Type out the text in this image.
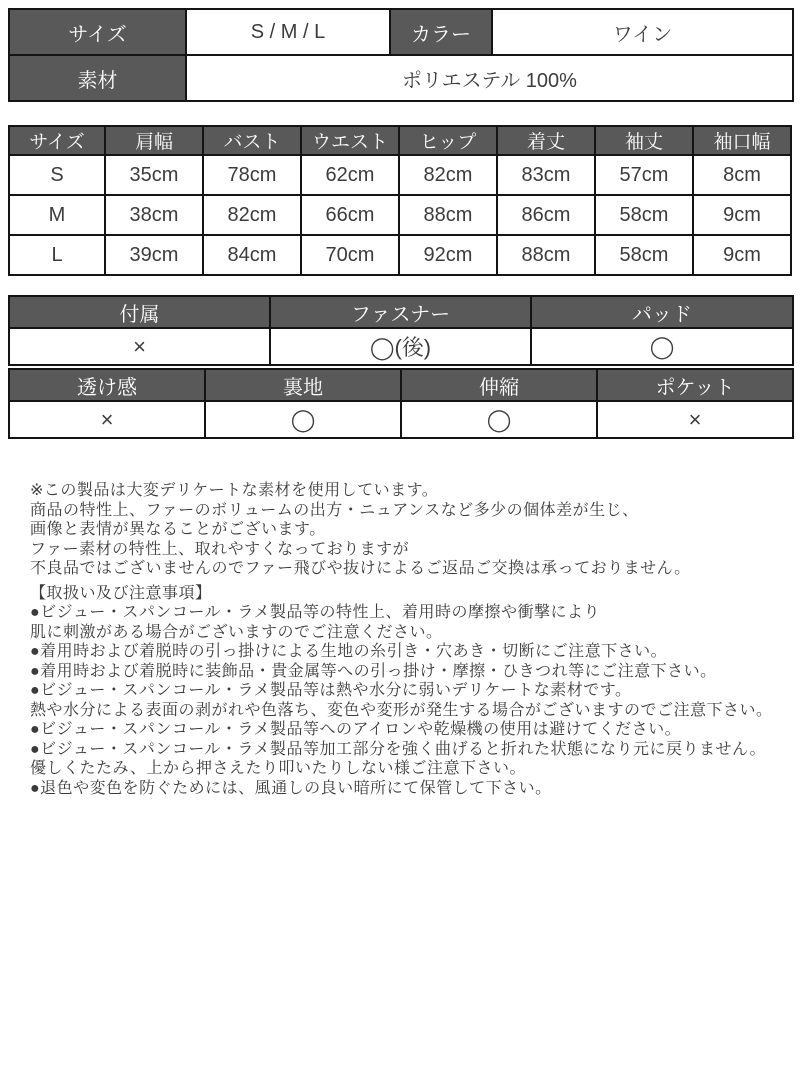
サイズ	S / M / L	カラー	ワイン
素材	ポリエステル 100%		
サイズ	肩幅	バスト	ウエスト	ヒップ	着丈	袖丈	袖口幅
S	35cm	78cm	62cm	82cm	83cm	57cm	8cm
M	38cm	82cm	66cm	88cm	86cm	58cm	9cm
L	39cm	84cm	70cm	92cm	88cm	58cm	9cm
付属	ファスナー	パッド
×	◯(後)	◯
透け感	裏地	伸縮	ポケット
×	◯	◯	×
※この製品は大変デリケートな素材を使用しています。
商品の特性上、ファーのボリュームの出方・ニュアンスなど多少の個体差が生じ、
画像と表情が異なることがございます。
ファー素材の特性上、取れやすくなっておりますが
不良品ではございませんのでファー飛びや抜けによるご返品ご交換は承っておりません。
【取扱い及び注意事項】
●ビジュー・スパンコール・ラメ製品等の特性上、着用時の摩擦や衝撃により
肌に刺激がある場合がございますのでご注意ください。
●着用時および着脱時の引っ掛けによる生地の糸引き・穴あき・切断にご注意下さい。
●着用時および着脱時に装飾品・貴金属等への引っ掛け・摩擦・ひきつれ等にご注意下さい。
●ビジュー・スパンコール・ラメ製品等は熱や水分に弱いデリケートな素材です。
熱や水分による表面の剥がれや色落ち、変色や変形が発生する場合がございますのでご注意下さい。
●ビジュー・スパンコール・ラメ製品等へのアイロンや乾燥機の使用は避けてください。
●ビジュー・スパンコール・ラメ製品等加工部分を強く曲げると折れた状態になり元に戻りません。
優しくたたみ、上から押さえたり叩いたりしない様ご注意下さい。
●退色や変色を防ぐためには、風通しの良い暗所にて保管して下さい。
